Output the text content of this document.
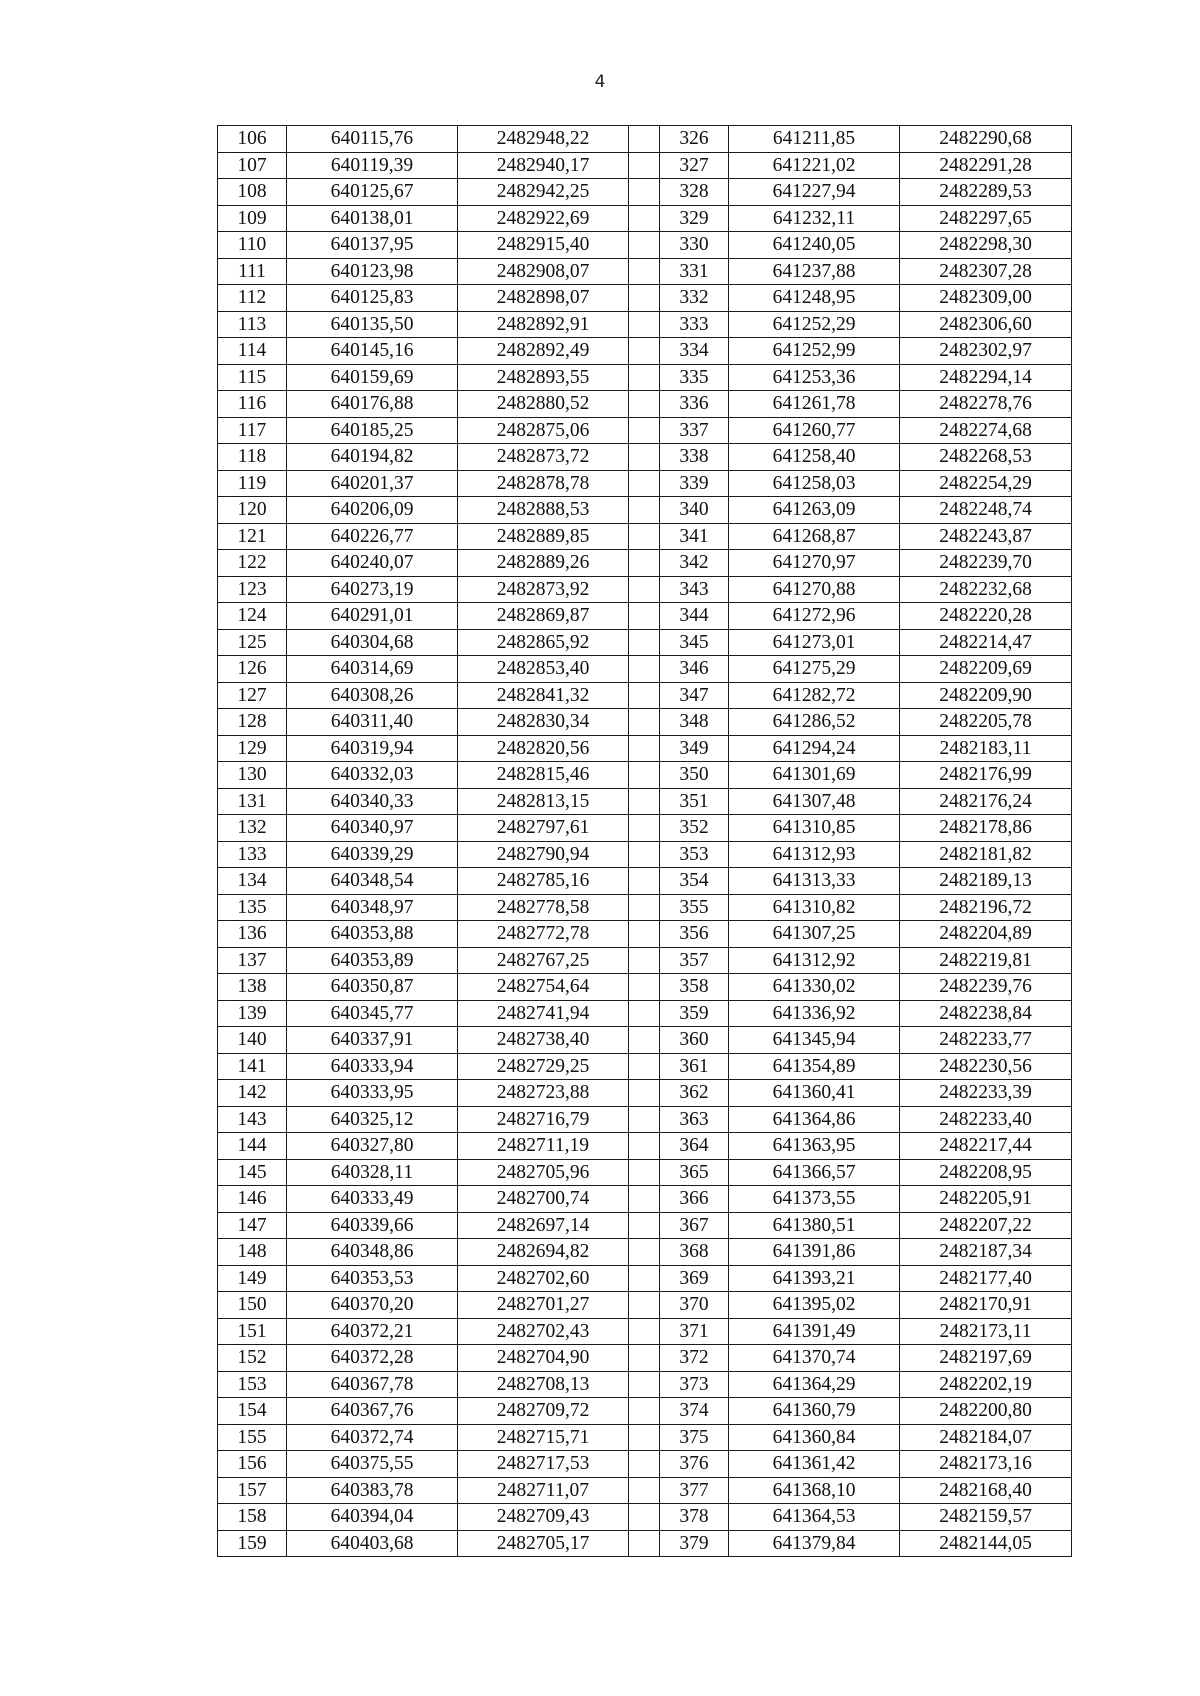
4
106	640115,76	2482948,22		326	641211,85	2482290,68
107	640119,39	2482940,17		327	641221,02	2482291,28
108	640125,67	2482942,25		328	641227,94	2482289,53
109	640138,01	2482922,69		329	641232,11	2482297,65
110	640137,95	2482915,40		330	641240,05	2482298,30
111	640123,98	2482908,07		331	641237,88	2482307,28
112	640125,83	2482898,07		332	641248,95	2482309,00
113	640135,50	2482892,91		333	641252,29	2482306,60
114	640145,16	2482892,49		334	641252,99	2482302,97
115	640159,69	2482893,55		335	641253,36	2482294,14
116	640176,88	2482880,52		336	641261,78	2482278,76
117	640185,25	2482875,06		337	641260,77	2482274,68
118	640194,82	2482873,72		338	641258,40	2482268,53
119	640201,37	2482878,78		339	641258,03	2482254,29
120	640206,09	2482888,53		340	641263,09	2482248,74
121	640226,77	2482889,85		341	641268,87	2482243,87
122	640240,07	2482889,26		342	641270,97	2482239,70
123	640273,19	2482873,92		343	641270,88	2482232,68
124	640291,01	2482869,87		344	641272,96	2482220,28
125	640304,68	2482865,92		345	641273,01	2482214,47
126	640314,69	2482853,40		346	641275,29	2482209,69
127	640308,26	2482841,32		347	641282,72	2482209,90
128	640311,40	2482830,34		348	641286,52	2482205,78
129	640319,94	2482820,56		349	641294,24	2482183,11
130	640332,03	2482815,46		350	641301,69	2482176,99
131	640340,33	2482813,15		351	641307,48	2482176,24
132	640340,97	2482797,61		352	641310,85	2482178,86
133	640339,29	2482790,94		353	641312,93	2482181,82
134	640348,54	2482785,16		354	641313,33	2482189,13
135	640348,97	2482778,58		355	641310,82	2482196,72
136	640353,88	2482772,78		356	641307,25	2482204,89
137	640353,89	2482767,25		357	641312,92	2482219,81
138	640350,87	2482754,64		358	641330,02	2482239,76
139	640345,77	2482741,94		359	641336,92	2482238,84
140	640337,91	2482738,40		360	641345,94	2482233,77
141	640333,94	2482729,25		361	641354,89	2482230,56
142	640333,95	2482723,88		362	641360,41	2482233,39
143	640325,12	2482716,79		363	641364,86	2482233,40
144	640327,80	2482711,19		364	641363,95	2482217,44
145	640328,11	2482705,96		365	641366,57	2482208,95
146	640333,49	2482700,74		366	641373,55	2482205,91
147	640339,66	2482697,14		367	641380,51	2482207,22
148	640348,86	2482694,82		368	641391,86	2482187,34
149	640353,53	2482702,60		369	641393,21	2482177,40
150	640370,20	2482701,27		370	641395,02	2482170,91
151	640372,21	2482702,43		371	641391,49	2482173,11
152	640372,28	2482704,90		372	641370,74	2482197,69
153	640367,78	2482708,13		373	641364,29	2482202,19
154	640367,76	2482709,72		374	641360,79	2482200,80
155	640372,74	2482715,71		375	641360,84	2482184,07
156	640375,55	2482717,53		376	641361,42	2482173,16
157	640383,78	2482711,07		377	641368,10	2482168,40
158	640394,04	2482709,43		378	641364,53	2482159,57
159	640403,68	2482705,17		379	641379,84	2482144,05
